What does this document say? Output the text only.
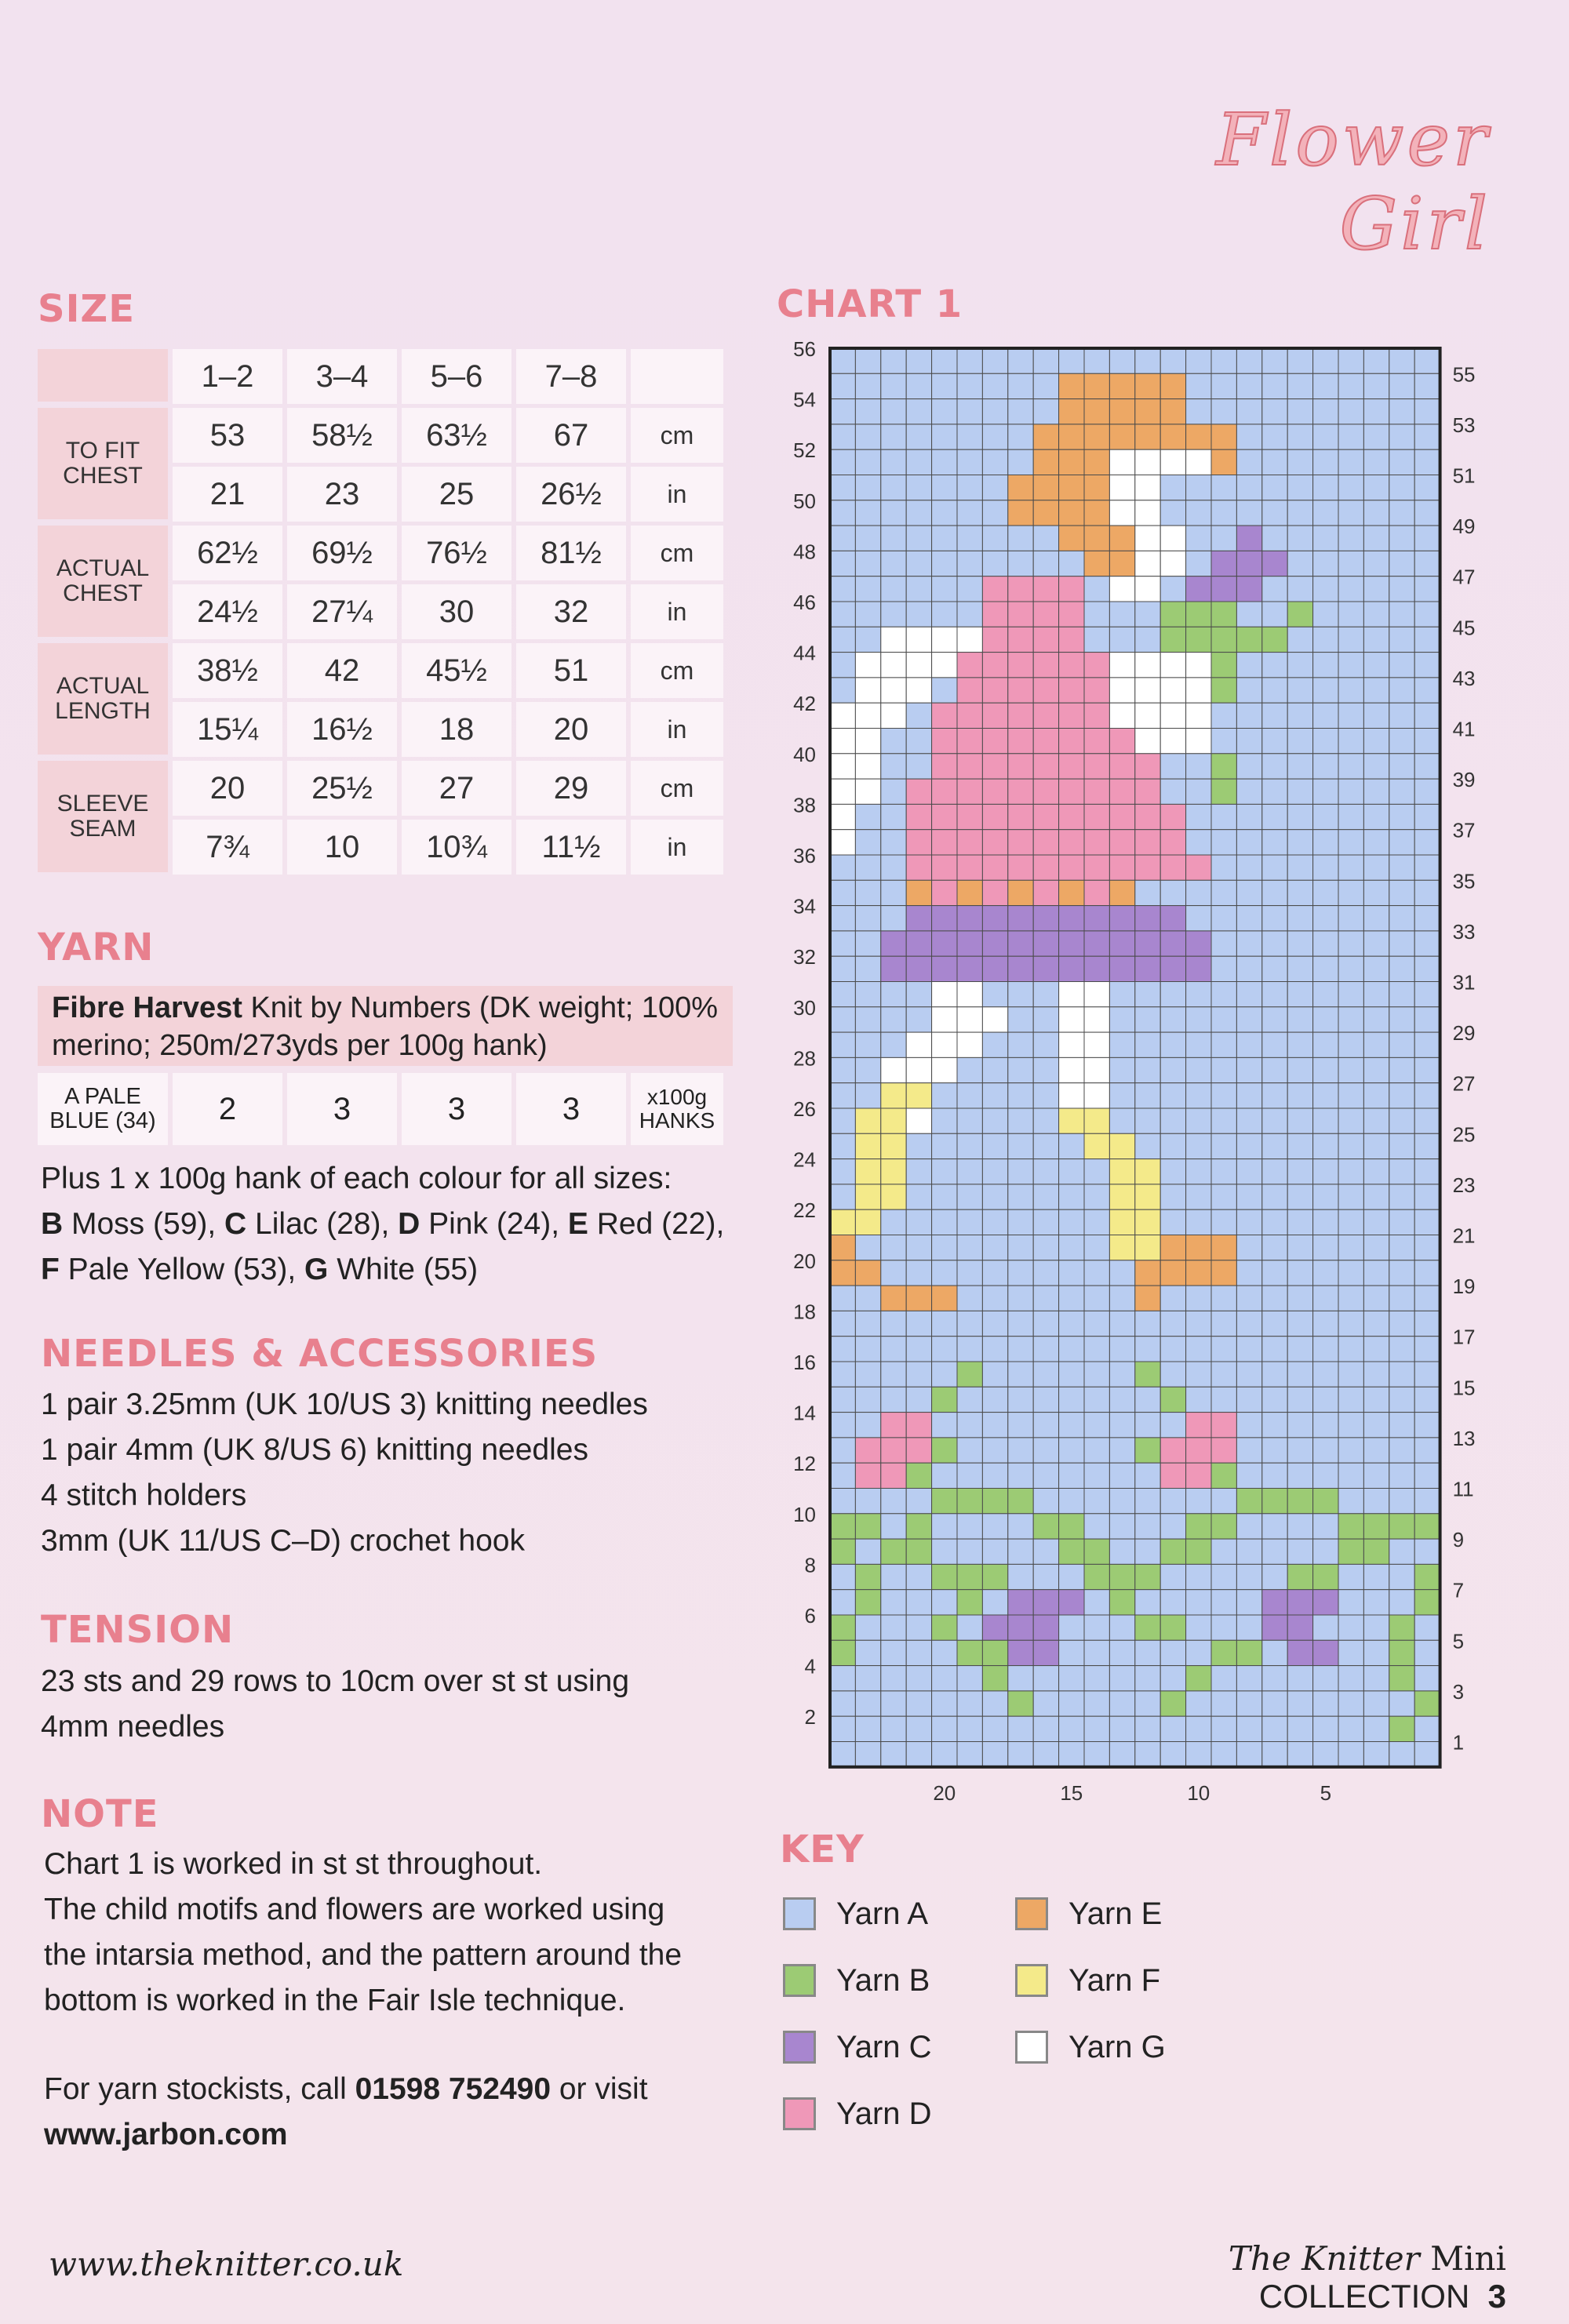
Flower Girl
SIZE
1–2	3–4	5–6	7–8
TO FIT CHEST
53	58½	63½	67	cm
21	23	25	26½	in
ACTUAL CHEST
62½	69½	76½	81½	cm
24½	27¼	30	32	in
ACTUAL LENGTH
38½	42	45½	51	cm
15¼	16½	18	20	in
SLEEVE SEAM
20	25½	27	29	cm
7¾	10	10¾	11½	in
YARN
Fibre Harvest Knit by Numbers (DK weight; 100% merino; 250m/273yds per 100g hank)
A PALE
BLUE (34)	2	3	3	3	x100g
HANKS
Plus 1 x 100g hank of each colour for all sizes:
B Moss (59), C Lilac (28), D Pink (24), E Red (22),
F Pale Yellow (53), G White (55)
NEEDLES & ACCESSORIES
1 pair 3.25mm (UK 10/US 3) knitting needles
1 pair 4mm (UK 8/US 6) knitting needles
4 stitch holders
3mm (UK 11/US C–D) crochet hook
TENSION
23 sts and 29 rows to 10cm over st st using
4mm needles
NOTE
Chart 1 is worked in st st throughout.
The child motifs and flowers are worked using
the intarsia method, and the pattern around the
bottom is worked in the Fair Isle technique.
For yarn stockists, call 01598 752490 or visit
www.jarbon.com
CHART 1
56
54
52
50
48
46
44
42
40
38
36
34
32
30
28
26
24
22
20
18
16
14
12
10
8
6
4
2
55
53
51
49
47
45
43
41
39
37
35
33
31
29
27
25
23
21
19
17
15
13
11
9
7
5
3
1
20	15	10	5
KEY
Yarn A	Yarn E
Yarn B	Yarn F
Yarn C	Yarn G
Yarn D
www.theknitter.co.uk	The Knitter Mini COLLECTION 3
